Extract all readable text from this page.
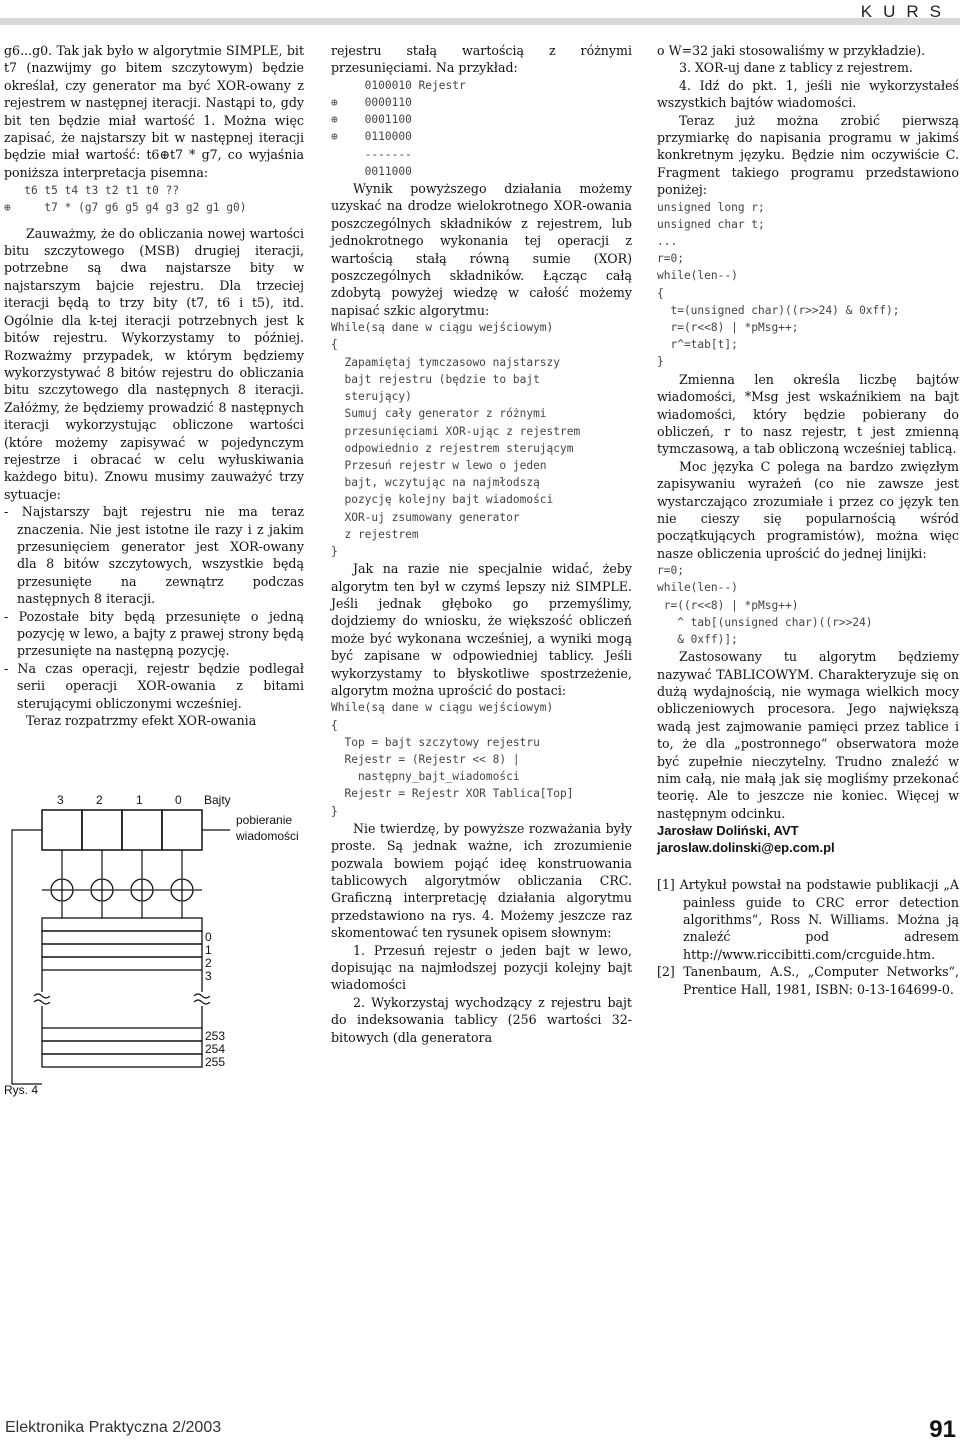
KURS

g6...g0. Tak jak było w algorytmie SIMPLE, bit t7 (nazwijmy go bitem szczytowym) będzie określał, czy generator ma być XOR-owany z rejestrem w następnej iteracji. Nastąpi to, gdy bit ten będzie miał wartość 1. Można więc zapisać, że najstarszy bit w następnej iteracji będzie miał wartość: t6⊕t7 * g7, co wyjaśnia poniższa interpretacja pisemna:

t6 t5 t4 t3 t2 t1 t0 ??
⊕     t7 * (g7 g6 g5 g4 g3 g2 g1 g0)

Zauważmy, że do obliczania nowej wartości bitu szczytowego (MSB) drugiej iteracji, potrzebne są dwa najstarsze bity w najstarszym bajcie rejestru. Dla trzeciej iteracji będą to trzy bity (t7, t6 i t5), itd. Ogólnie dla k-tej iteracji potrzebnych jest k bitów rejestru. Wykorzystamy to później. Rozważmy przypadek, w którym będziemy wykorzystywać 8 bitów rejestru do obliczania bitu szczytowego dla następnych 8 iteracji. Załóżmy, że będziemy prowadzić 8 następnych iteracji wykorzystując obliczone wartości (które możemy zapisywać w pojedynczym rejestrze i obracać w celu wyłuskiwania każdego bitu). Znowu musimy zauważyć trzy sytuacje:

- Najstarszy bajt rejestru nie ma teraz znaczenia. Nie jest istotne ile razy i z jakim przesunięciem generator jest XOR-owany dla 8 bitów szczytowych, wszystkie będą przesunięte na zewnątrz podczas następnych 8 iteracji.

- Pozostałe bity będą przesunięte o jedną pozycję w lewo, a bajty z prawej strony będą przesunięte na następną pozycję.

- Na czas operacji, rejestr będzie podlegał serii operacji XOR-owania z bitami sterującymi obliczonymi wcześniej.

Teraz rozpatrzmy efekt XOR-owania

3	2	1	0 Bajty
pobieranie
wiadomości
0
1
2
3
253
254
255
Rys. 4

rejestru stałą wartością z różnymi przesunięciami. Na przykład:

0100010 Rejestr
⊕    0000110
⊕    0001100
⊕    0110000
-------
0011000

Wynik powyższego działania możemy uzyskać na drodze wielokrotnego XOR-owania poszczególnych składników z rejestrem, lub jednokrotnego wykonania tej operacji z wartością stałą równą sumie (XOR) poszczególnych składników. Łącząc całą zdobytą powyżej wiedzę w całość możemy napisać szkic algorytmu:

While(są dane w ciągu wejściowym)
{
Zapamiętaj tymczasowo najstarszy
bajt rejestru (będzie to bajt
sterujący)
Sumuj cały generator z różnymi
przesunięciami XOR-ując z rejestrem
odpowiednio z rejestrem sterującym
Przesuń rejestr w lewo o jeden
bajt, wczytując na najmłodszą
pozycję kolejny bajt wiadomości
XOR-uj zsumowany generator
z rejestrem
}

Jak na razie nie specjalnie widać, żeby algorytm ten był w czymś lepszy niż SIMPLE. Jeśli jednak głęboko go przemyślimy, dojdziemy do wniosku, że większość obliczeń może być wykonana wcześniej, a wyniki mogą być zapisane w odpowiedniej tablicy. Jeśli wykorzystamy to błyskotliwe spostrzeżenie, algorytm można uprościć do postaci:

While(są dane w ciągu wejściowym)
{
Top = bajt szczytowy rejestru
Rejestr = (Rejestr << 8) |
następny_bajt_wiadomości
Rejestr = Rejestr XOR Tablica[Top]
}

Nie twierdzę, by powyższe rozważania były proste. Są jednak ważne, ich zrozumienie pozwala bowiem pojąć ideę konstruowania tablicowych algorytmów obliczania CRC. Graficzną interpretację działania algorytmu przedstawiono na rys. 4. Możemy jeszcze raz skomentować ten rysunek opisem słownym:

1. Przesuń rejestr o jeden bajt w lewo, dopisując na najmłodszej pozycji kolejny bajt wiadomości

2. Wykorzystaj wychodzący z rejestru bajt do indeksowania tablicy (256 wartości 32-bitowych (dla generatora

o W=32 jaki stosowaliśmy w przykładzie).

3. XOR-uj dane z tablicy z rejestrem.

4. Idź do pkt. 1, jeśli nie wykorzystałeś wszystkich bajtów wiadomości.

Teraz już można zrobić pierwszą przymiarkę do napisania programu w jakimś konkretnym języku. Będzie nim oczywiście C. Fragment takiego programu przedstawiono poniżej:

unsigned long r;
unsigned char t;
...
r=0;
while(len--)
{
t=(unsigned char)((r>>24) & 0xff);
r=(r<<8) | *pMsg++;
r^=tab[t];
}

Zmienna len określa liczbę bajtów wiadomości, *Msg jest wskaźnikiem na bajt wiadomości, który będzie pobierany do obliczeń, r to nasz rejestr, t jest zmienną tymczasową, a tab obliczoną wcześniej tablicą.

Moc języka C polega na bardzo zwięzłym zapisywaniu wyrażeń (co nie zawsze jest wystarczająco zrozumiałe i przez co język ten nie cieszy się popularnością wśród początkujących programistów), można więc nasze obliczenia uprościć do jednej linijki:

r=0;
while(len--)
r=((r<<8) | *pMsg++)
^ tab[(unsigned char)((r>>24)
& 0xff)];

Zastosowany tu algorytm będziemy nazywać TABLICOWYM. Charakteryzuje się on dużą wydajnością, nie wymaga wielkich mocy obliczeniowych procesora. Jego największą wadą jest zajmowanie pamięci przez tablice i to, że dla „postronnego“ obserwatora może być zupełnie nieczytelny. Trudno znaleźć w nim całą, nie małą jak się mogliśmy przekonać teorię. Ale to jeszcze nie koniec. Więcej w następnym odcinku.

Jarosław Doliński, AVT
jaroslaw.dolinski@ep.com.pl

[1] Artykuł powstał na podstawie publikacji „A painless guide to CRC error detection algorithms“, Ross N. Williams. Można ją znaleźć pod adresem http://www.riccibitti.com/crcguide.htm.

[2] Tanenbaum, A.S., „Computer Networks“, Prentice Hall, 1981, ISBN: 0-13-164699-0.

Elektronika Praktyczna 2/2003	91
